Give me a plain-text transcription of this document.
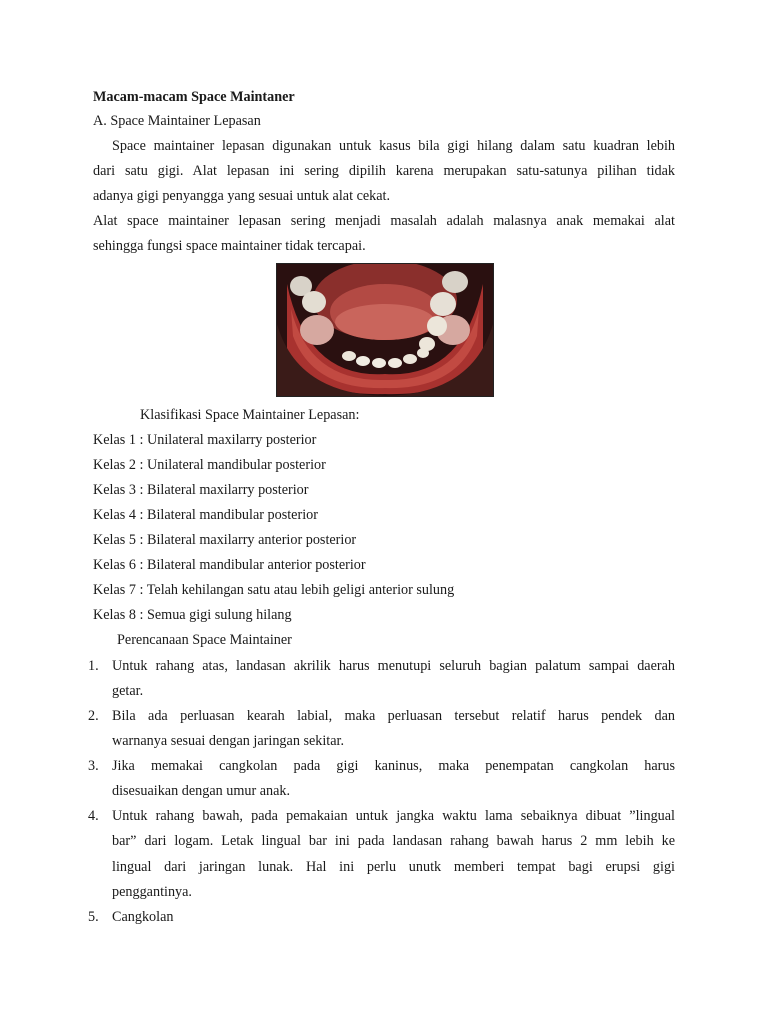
Macam-macam Space Maintaner
A. Space Maintainer Lepasan
Space maintainer lepasan digunakan untuk kasus bila gigi hilang dalam satu kuadran lebih
dari satu gigi. Alat lepasan ini sering dipilih karena merupakan satu-satunya pilihan tidak
adanya gigi penyangga yang sesuai untuk alat cekat.
Alat space maintainer lepasan sering menjadi masalah adalah malasnya anak memakai alat
sehingga fungsi space maintainer tidak tercapai.
Klasifikasi Space Maintainer Lepasan:
Kelas 1 : Unilateral maxilarry posterior
Kelas 2 : Unilateral mandibular posterior
Kelas 3 : Bilateral maxilarry posterior
Kelas 4 : Bilateral mandibular posterior
Kelas 5 : Bilateral maxilarry anterior posterior
Kelas 6 : Bilateral mandibular anterior posterior
Kelas 7 : Telah kehilangan satu atau lebih geligi anterior sulung
Kelas 8 : Semua gigi sulung hilang
Perencanaan Space Maintainer
1. Untuk rahang atas, landasan akrilik harus menutupi seluruh bagian palatum sampai daerah
getar.
2. Bila ada perluasan kearah labial, maka perluasan tersebut relatif harus pendek dan
warnanya sesuai dengan jaringan sekitar.
3. Jika memakai cangkolan pada gigi kaninus, maka penempatan cangkolan harus
disesuaikan dengan umur anak.
4. Untuk rahang bawah, pada pemakaian untuk jangka waktu lama sebaiknya dibuat ”lingual
bar” dari logam. Letak lingual bar ini pada landasan rahang bawah harus 2 mm lebih ke
lingual dari jaringan lunak. Hal ini perlu unutk memberi tempat bagi erupsi gigi
penggantinya.
5. Cangkolan
